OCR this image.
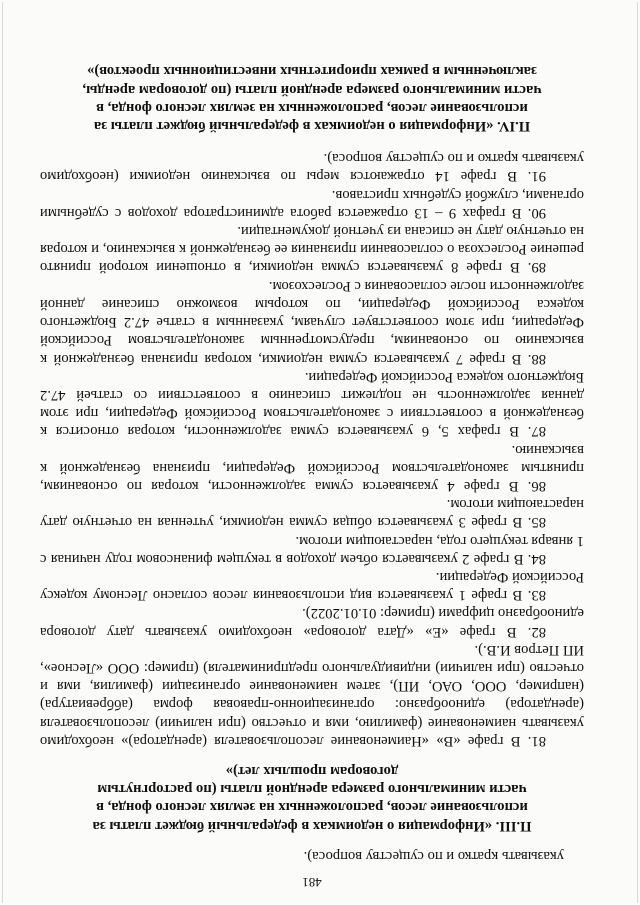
481

указывать кратко и по существу вопроса).

П.III. «Информация о недоимках в федеральный бюджет платы за использование лесов, расположенных на землях лесного фонда, в части минимального размера арендной платы (по расторгнутым договорам прошлых лет)»

81. В графе «В» «Наименование лесопользователя (арендатора)» необходимо указывать наименование (фамилию, имя и отчество (при наличии) лесопользователя (арендатора) единообразно: организационно-правовая форма (аббревиатура) (например, ООО, ОАО, ИП), затем наименование организации (фамилия, имя и отчество (при наличии) индивидуального предпринимателя) (пример: ООО «Лесное», ИП Петров И.В.).

82. В графе «Е» «Дата договора» необходимо указывать дату договора единообразно цифрами (пример: 01.01.2022).

83. В графе 1 указывается вид использования лесов согласно Лесному кодексу Российской Федерации.

84. В графе 2 указывается объем доходов в текущем финансовом году начиная с 1 января текущего года, нарастающим итогом.

85. В графе 3 указывается общая сумма недоимки, учтенная на отчетную дату нарастающим итогом.

86. В графе 4 указывается сумма задолженности, которая по основаниям, принятым законодательством Российской Федерации, признана безнадежной к взысканию.

87. В графах 5, 6 указывается сумма задолженности, которая относится к безнадежной в соответствии с законодательством Российской Федерации, при этом данная задолженность не подлежит списанию в соответствии со статьей 47.2 Бюджетного кодекса Российской Федерации.

88. В графе 7 указывается сумма недоимки, которая признана безнадежной к взысканию по основаниям, предусмотренным законодательством Российской Федерации, при этом соответствует случаям, указанным в статье 47.2 Бюджетного кодекса Российской Федерации, по которым возможно списание данной задолженности после согласования с Рослесхозом.

89. В графе 8 указывается сумма недоимки, в отношении которой принято решение Рослесхоза о согласовании признания ее безнадежной к взысканию, и которая на отчетную дату не списана из учетной документации.

90. В графах 9 – 13 отражается работа администратора доходов с судебными органами, службой судебных приставов.

91. В графе 14 отражаются меры по взысканию недоимки (необходимо указывать кратко и по существу вопроса).

П.IV. «Информация о недоимках в федеральный бюджет платы за использование лесов, расположенных на землях лесного фонда, в части минимального размера арендной платы (по договорам аренды, заключенным в рамках приоритетных инвестиционных проектов)»
